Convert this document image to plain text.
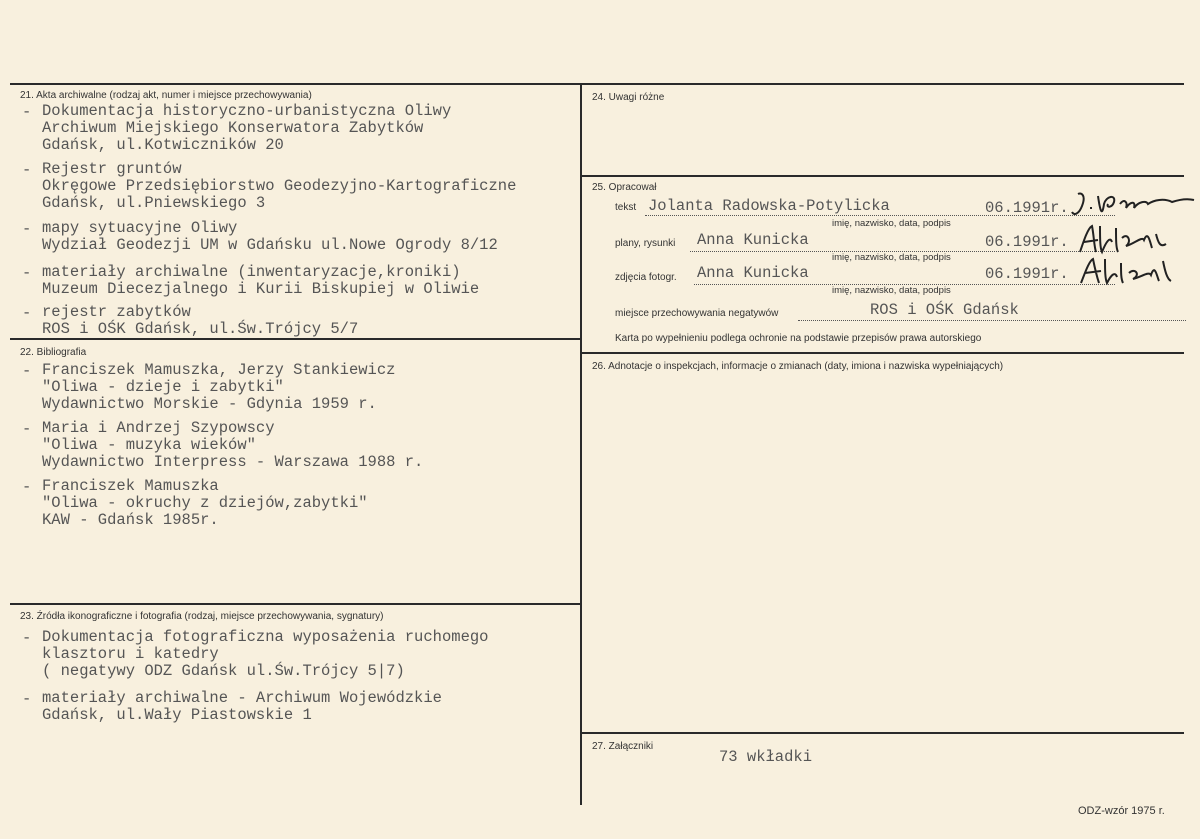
21. Akta archiwalne (rodzaj akt, numer i miejsce przechowywania)
- Dokumentacja historyczno-urbanistyczna Oliwy
Archiwum Miejskiego Konserwatora Zabytków
Gdańsk, ul.Kotwiczników 20
- Rejestr gruntów
Okręgowe Przedsiębiorstwo Geodezyjno-Kartograficzne
Gdańsk, ul.Pniewskiego 3
- mapy sytuacyjne Oliwy
Wydział Geodezji UM w Gdańsku ul.Nowe Ogrody 8/12
- materiały archiwalne (inwentaryzacje,kroniki)
Muzeum Diecezjalnego i Kurii Biskupiej w Oliwie
- rejestr zabytków
ROS i OŚK Gdańsk, ul.Św.Trójcy 5/7
22. Bibliografia
- Franciszek Mamuszka, Jerzy Stankiewicz
"Oliwa - dzieje i zabytki"
Wydawnictwo Morskie - Gdynia 1959 r.
- Maria i Andrzej Szypowscy
"Oliwa - muzyka wieków"
Wydawnictwo Interpress - Warszawa 1988 r.
- Franciszek Mamuszka
"Oliwa - okruchy z dziejów,zabytki"
KAW - Gdańsk 1985r.
23. Źródła ikonograficzne i fotografia (rodzaj, miejsce przechowywania, sygnatury)
- Dokumentacja fotograficzna wyposażenia ruchomego
klasztoru i katedry
( negatywy ODZ Gdańsk ul.Św.Trójcy 5|7)
- materiały archiwalne - Archiwum Wojewódzkie
Gdańsk, ul.Wały Piastowskie 1
24. Uwagi różne
25. Opracował
tekst Jolanta Radowska-Potylicka	06.1991r.
imię, nazwisko, data, podpis
plany, rysunki Anna Kunicka	06.1991r.
imię, nazwisko, data, podpis
zdjęcia fotogr. Anna Kunicka	06.1991r.
imię, nazwisko, data, podpis
miejsce przechowywania negatywów	ROS i OŚK Gdańsk
Karta po wypełnieniu podlega ochronie na podstawie przepisów prawa autorskiego
26. Adnotacje o inspekcjach, informacje o zmianach (daty, imiona i nazwiska wypełniających)
27. Załączniki
73 wkładki
ODZ-wzór 1975 r.
